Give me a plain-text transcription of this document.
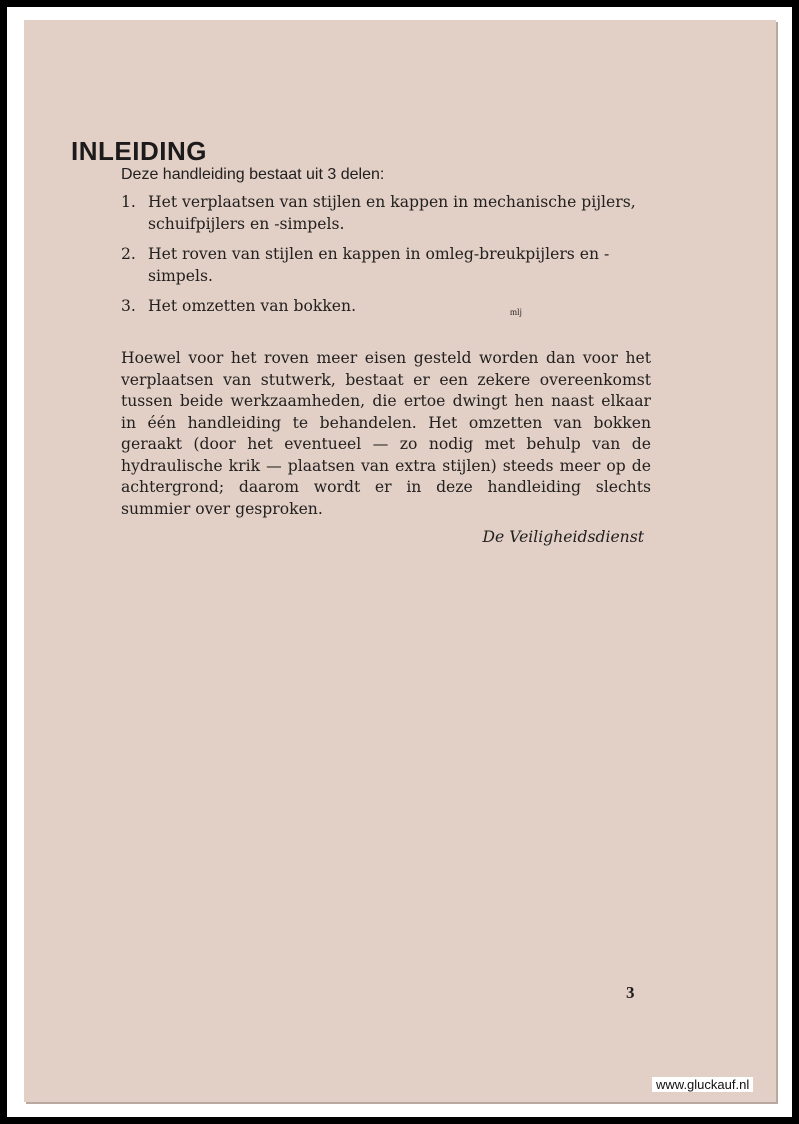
INLEIDING

Deze handleiding bestaat uit 3 delen:

1. Het verplaatsen van stijlen en kappen in mechanische pijlers, schuifpijlers en -simpels.
2. Het roven van stijlen en kappen in omleg-breukpijlers en -simpels.
3. Het omzetten van bokken.	mlj

Hoewel voor het roven meer eisen gesteld worden dan voor het verplaatsen van stutwerk, bestaat er een zekere overeenkomst tussen beide werkzaamheden, die ertoe dwingt hen naast elkaar in één handleiding te behandelen. Het omzetten van bokken geraakt (door het eventueel — zo nodig met behulp van de hydraulische krik — plaatsen van extra stijlen) steeds meer op de achtergrond; daarom wordt er in deze handleiding slechts summier over gesproken.

De Veiligheidsdienst

3
www.gluckauf.nl
